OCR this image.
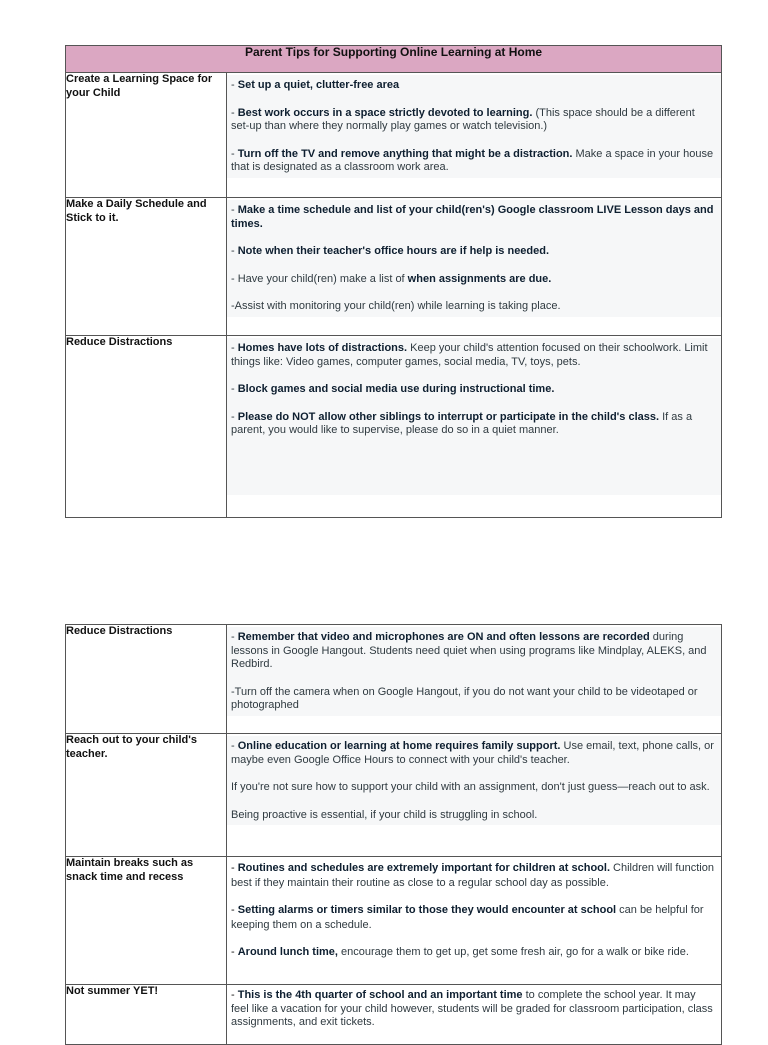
Parent Tips for Supporting Online Learning at Home	
Create a Learning Space for your Child	- Set up a quiet, clutter-free area
- Best work occurs in a space strictly devoted to learning. (This space should be a different set-up than where they normally play games or watch television.)
- Turn off the TV and remove anything that might be a distraction. Make a space in your house that is designated as a classroom work area.

Make a Daily Schedule and Stick to it.	- Make a time schedule and list of your child(ren's) Google classroom LIVE Lesson days and times.
- Note when their teacher's office hours are if help is needed.
- Have your child(ren) make a list of when assignments are due.
-Assist with monitoring your child(ren) while learning is taking place.

Reduce Distractions	- Homes have lots of distractions. Keep your child's attention focused on their schoolwork. Limit things like: Video games, computer games, social media, TV, toys, pets.
- Block games and social media use during instructional time.
- Please do NOT allow other siblings to interrupt or participate in the child's class. If as a parent, you would like to supervise, please do so in a quiet manner.
Reduce Distractions	- Remember that video and microphones are ON and often lessons are recorded during lessons in Google Hangout. Students need quiet when using programs like Mindplay, ALEKS, and Redbird.
-Turn off the camera when on Google Hangout, if you do not want your child to be videotaped or photographed

Reach out to your child's teacher.	- Online education or learning at home requires family support. Use email, text, phone calls, or maybe even Google Office Hours to connect with your child's teacher.
If you're not sure how to support your child with an assignment, don't just guess—reach out to ask.
Being proactive is essential, if your child is struggling in school.

Maintain breaks such as snack time and recess	- Routines and schedules are extremely important for children at school. Children will function best if they maintain their routine as close to a regular school day as possible.
- Setting alarms or timers similar to those they would encounter at school can be helpful for keeping them on a schedule.
- Around lunch time, encourage them to get up, get some fresh air, go for a walk or bike ride.

Not summer YET!	- This is the 4th quarter of school and an important time to complete the school year. It may feel like a vacation for your child however, students will be graded for classroom participation, class assignments, and exit tickets.
